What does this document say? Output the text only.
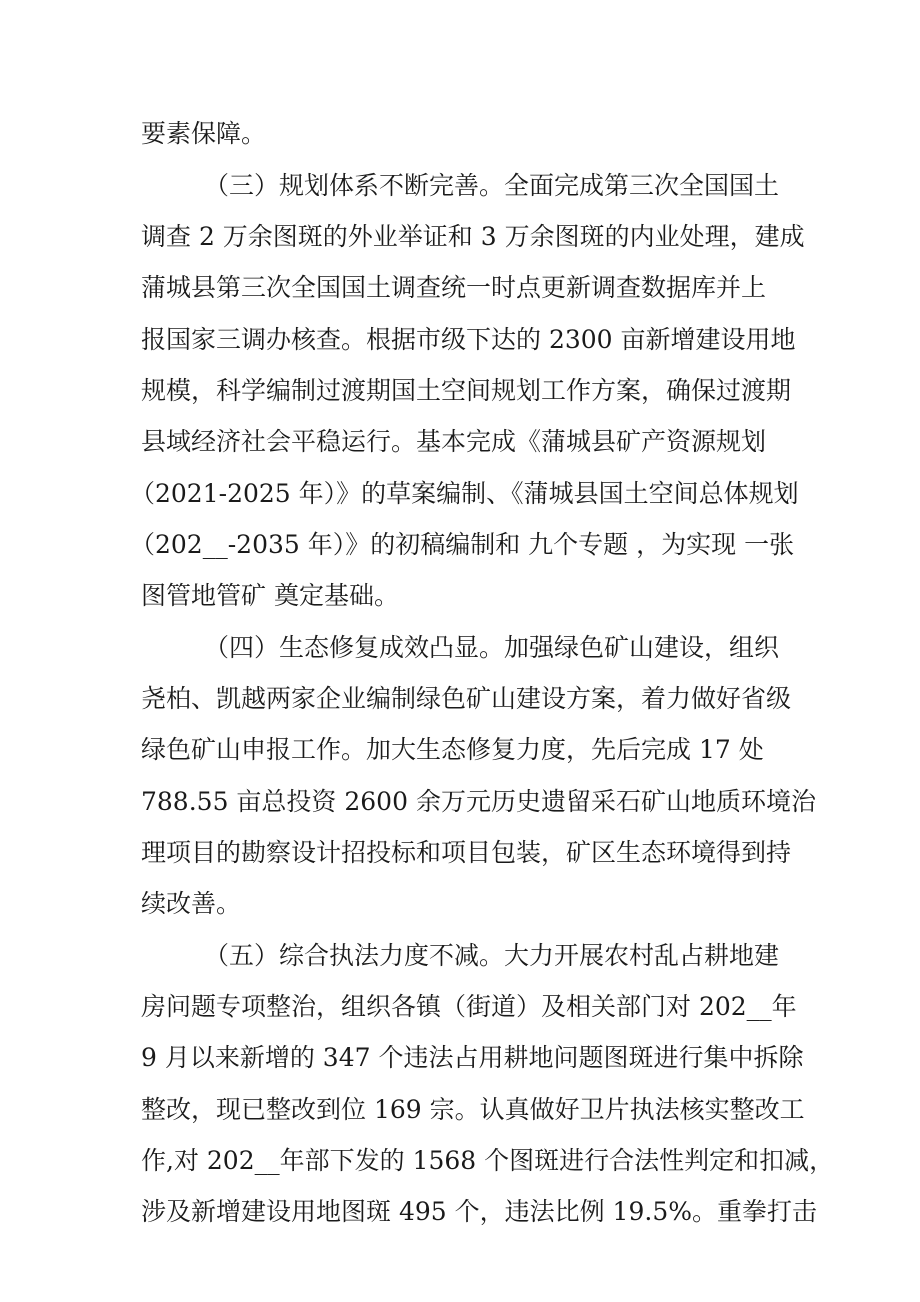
要素保障。
（三）规划体系不断完善。全面完成第三次全国国土
调查 2 万余图斑的外业举证和 3 万余图斑的内业处理，建成
蒲城县第三次全国国土调查统一时点更新调查数据库并上
报国家三调办核查。根据市级下达的 2300 亩新增建设用地
规模，科学编制过渡期国土空间规划工作方案，确保过渡期
县域经济社会平稳运行。基本完成《蒲城县矿产资源规划
（2021-2025 年）》的草案编制、《蒲城县国土空间总体规划
（202__-2035 年）》的初稿编制和 九个专题 ，为实现 一张
图管地管矿 奠定基础。
（四）生态修复成效凸显。加强绿色矿山建设，组织
尧柏、凯越两家企业编制绿色矿山建设方案，着力做好省级
绿色矿山申报工作。加大生态修复力度，先后完成 17 处
788.55 亩总投资 2600 余万元历史遗留采石矿山地质环境治
理项目的勘察设计招投标和项目包装，矿区生态环境得到持
续改善。
（五）综合执法力度不减。大力开展农村乱占耕地建
房问题专项整治，组织各镇（街道）及相关部门对 202__年
9 月以来新增的 347 个违法占用耕地问题图斑进行集中拆除
整改，现已整改到位 169 宗。认真做好卫片执法核实整改工
作,对 202__年部下发的 1568 个图斑进行合法性判定和扣减，
涉及新增建设用地图斑 495 个，违法比例 19.5%。重拳打击
